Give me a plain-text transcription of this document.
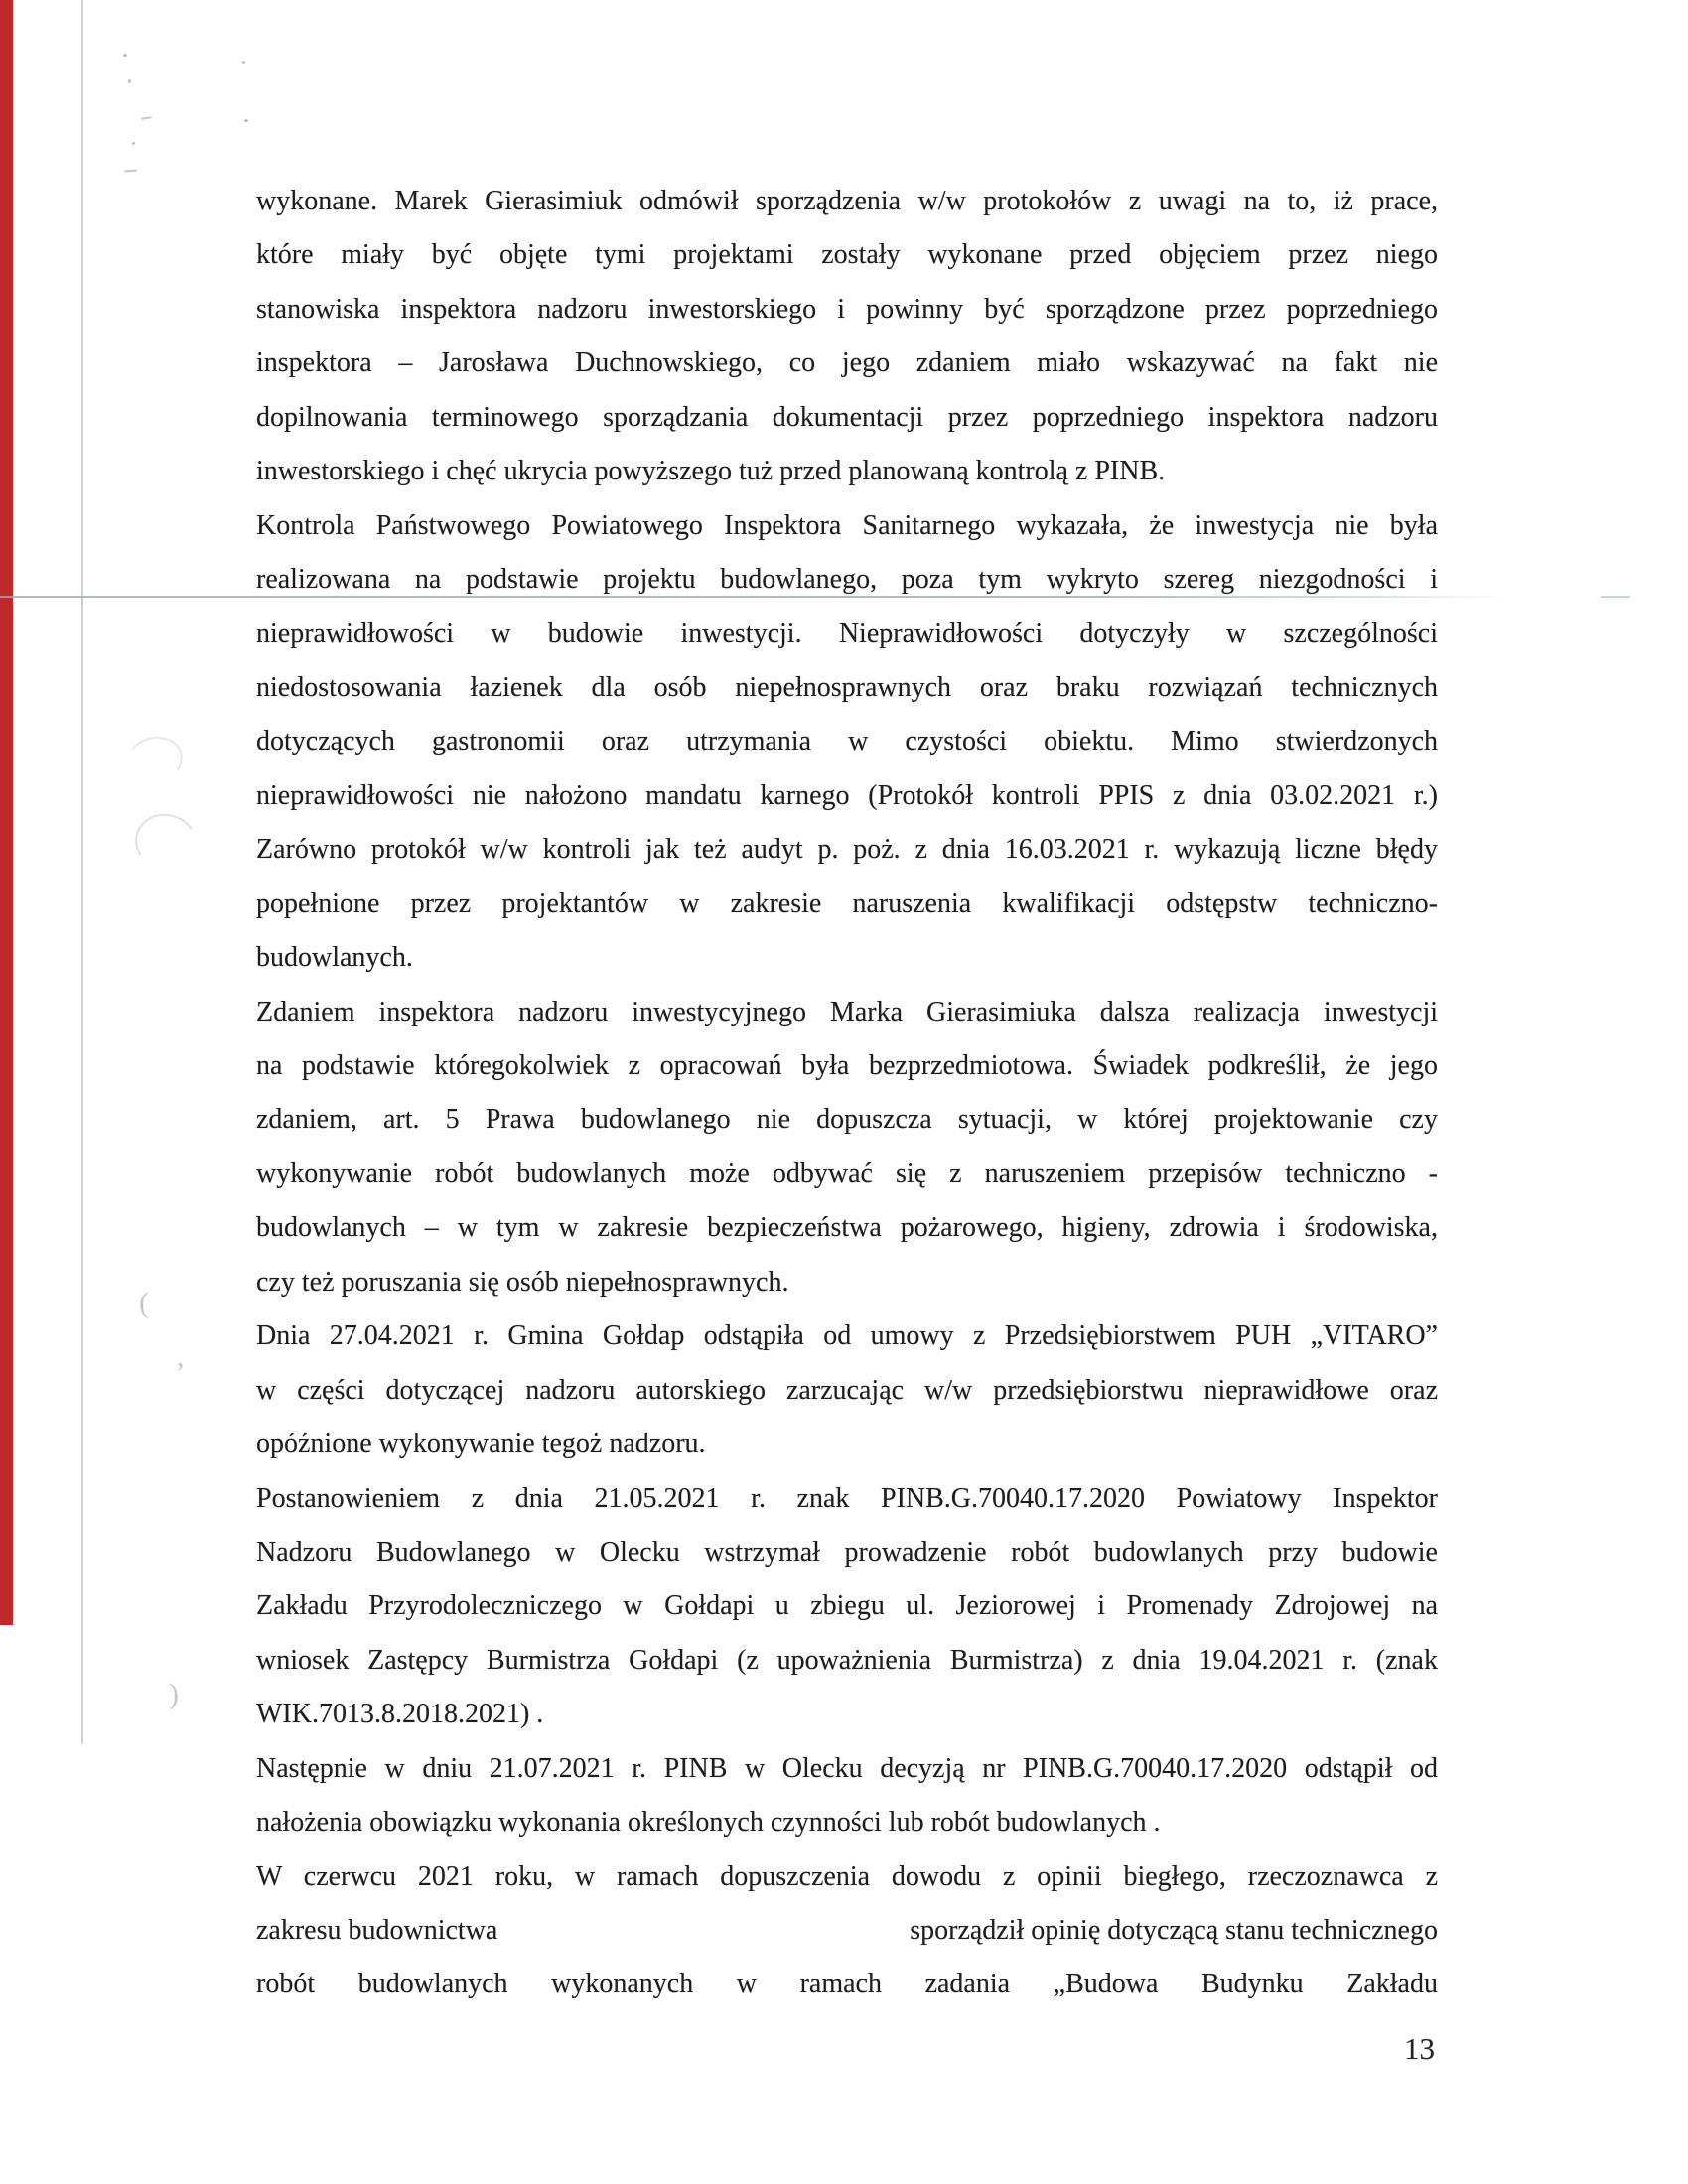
(
,
)
wykonane. Marek Gierasimiuk odmówił sporządzenia w/w protokołów z uwagi na to, iż prace,
które miały być objęte tymi projektami zostały wykonane przed objęciem przez niego
stanowiska inspektora nadzoru inwestorskiego i powinny być sporządzone przez poprzedniego
inspektora – Jarosława Duchnowskiego, co jego zdaniem miało wskazywać na fakt nie
dopilnowania terminowego sporządzania dokumentacji przez poprzedniego inspektora nadzoru
inwestorskiego i chęć ukrycia powyższego tuż przed planowaną kontrolą z PINB.
Kontrola Państwowego Powiatowego Inspektora Sanitarnego wykazała, że inwestycja nie była
realizowana na podstawie projektu budowlanego, poza tym wykryto szereg niezgodności i
nieprawidłowości w budowie inwestycji. Nieprawidłowości dotyczyły w szczególności
niedostosowania łazienek dla osób niepełnosprawnych oraz braku rozwiązań technicznych
dotyczących gastronomii oraz utrzymania w czystości obiektu. Mimo stwierdzonych
nieprawidłowości nie nałożono mandatu karnego (Protokół kontroli PPIS z dnia 03.02.2021 r.)
Zarówno protokół w/w kontroli jak też audyt p. poż. z dnia 16.03.2021 r. wykazują liczne błędy
popełnione przez projektantów w zakresie naruszenia kwalifikacji odstępstw techniczno-
budowlanych.
Zdaniem inspektora nadzoru inwestycyjnego Marka Gierasimiuka dalsza realizacja inwestycji
na podstawie któregokolwiek z opracowań była bezprzedmiotowa. Świadek podkreślił, że jego
zdaniem, art. 5 Prawa budowlanego nie dopuszcza sytuacji, w której projektowanie czy
wykonywanie robót budowlanych może odbywać się z naruszeniem przepisów techniczno -
budowlanych – w tym w zakresie bezpieczeństwa pożarowego, higieny, zdrowia i środowiska,
czy też poruszania się osób niepełnosprawnych.
Dnia 27.04.2021 r. Gmina Gołdap odstąpiła od umowy z Przedsiębiorstwem PUH „VITARO”
w części dotyczącej nadzoru autorskiego zarzucając w/w przedsiębiorstwu nieprawidłowe oraz
opóźnione wykonywanie tegoż nadzoru.
Postanowieniem z dnia 21.05.2021 r. znak PINB.G.70040.17.2020 Powiatowy Inspektor
Nadzoru Budowlanego w Olecku wstrzymał prowadzenie robót budowlanych przy budowie
Zakładu Przyrodoleczniczego w Gołdapi u zbiegu ul. Jeziorowej i Promenady Zdrojowej na
wniosek Zastępcy Burmistrza Gołdapi (z upoważnienia Burmistrza) z dnia 19.04.2021 r. (znak
WIK.7013.8.2018.2021) .
Następnie w dniu 21.07.2021 r. PINB w Olecku decyzją nr PINB.G.70040.17.2020 odstąpił od
nałożenia obowiązku wykonania określonych czynności lub robót budowlanych .
W czerwcu 2021 roku, w ramach dopuszczenia dowodu z opinii biegłego, rzeczoznawca z
zakresu budownictwa	sporządził opinię dotyczącą stanu technicznego
robót budowlanych wykonanych w ramach zadania „Budowa Budynku Zakładu
13
